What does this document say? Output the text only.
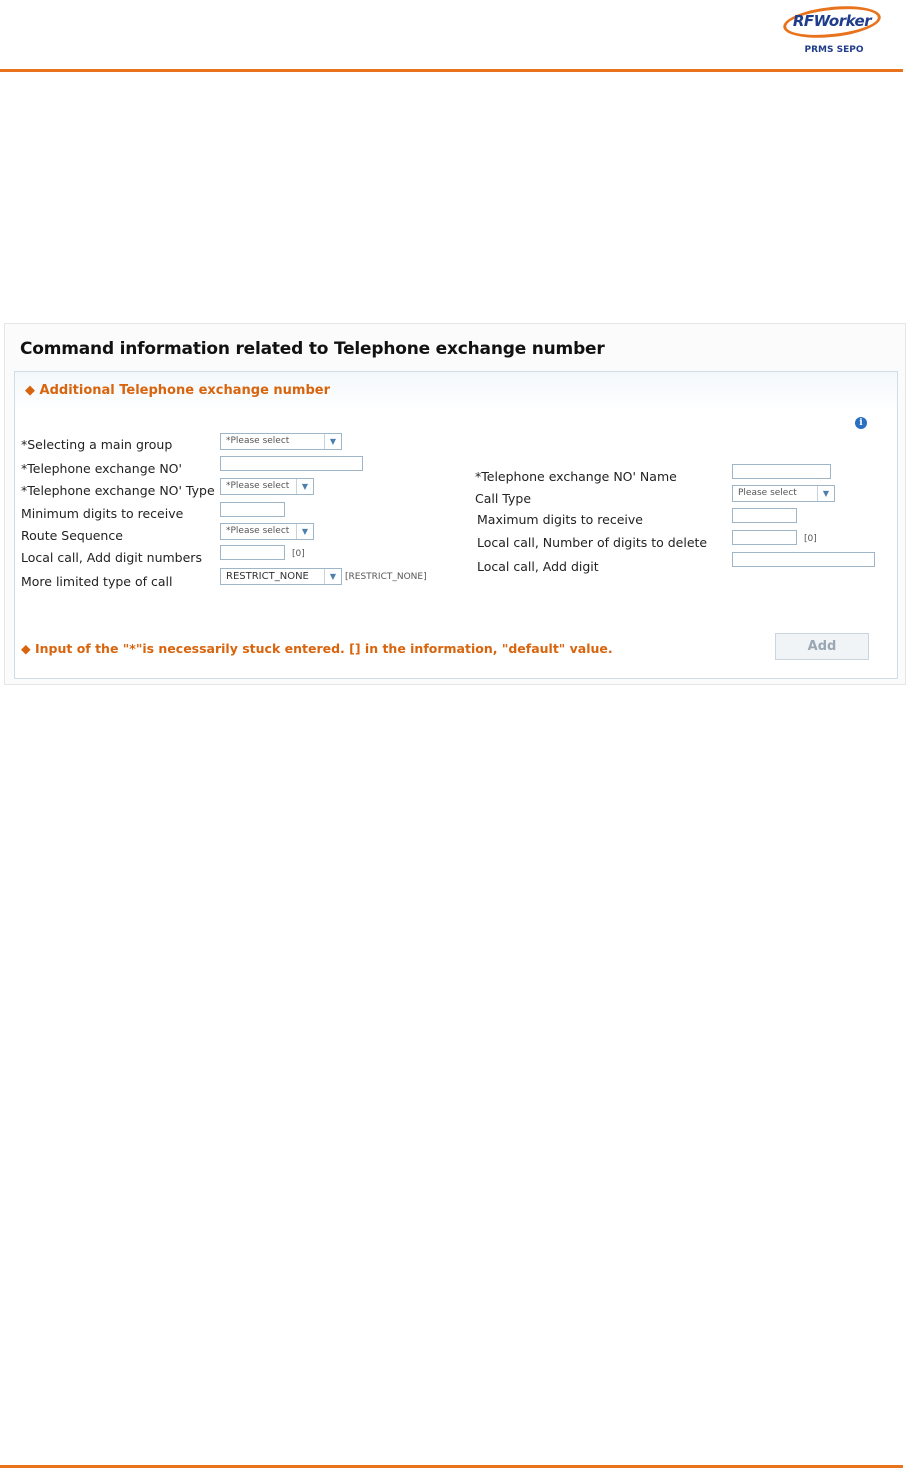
RFWorker
PRMS SEPO
Command information related to Telephone exchange number
◆ Additional Telephone exchange number
i
*Selecting a main group	*Please select	▼
*Telephone exchange NO'
*Telephone exchange NO' Type *Please select	▼
Minimum digits to receive
Route Sequence	*Please select	▼
Local call, Add digit numbers	[0]
More limited type of call	RESTRICT_NONE	▼ [RESTRICT_NONE]
*Telephone exchange NO' Name
Call Type	Please select	▼
Maximum digits to receive
Local call, Number of digits to delete	[0]
Local call, Add digit
◆ Input of the "*"is necessarily stuck entered. [] in the information, "default" value.	Add
